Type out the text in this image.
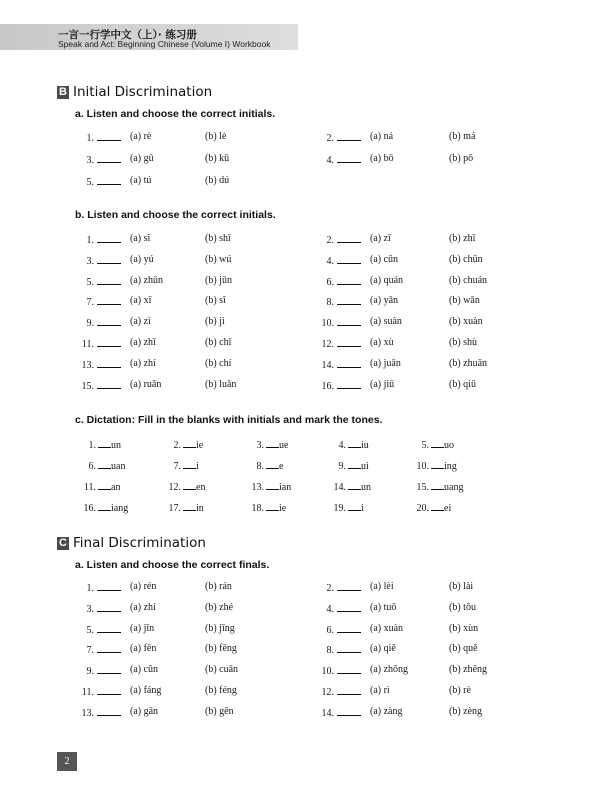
一言一行学中文（上）· 练习册
Speak and Act: Beginning Chinese (Volume I) Workbook
B Initial Discrimination
a. Listen and choose the correct initials.
1.	(a) rè	(b) lè	2.	(a) ná	(b) má
3.	(a) gū	(b) kū	4.	(a) bō	(b) pō
5.	(a) tú	(b) dú
b. Listen and choose the correct initials.
1.	(a) sī	(b) shī	2.	(a) zī	(b) zhī
3.	(a) yú	(b) wú	4.	(a) cūn	(b) chūn
5.	(a) zhǔn	(b) jǔn	6.	(a) quán	(b) chuán
7.	(a) xī	(b) sī	8.	(a) yǎn	(b) wǎn
9.	(a) zì	(b) jì	10.	(a) suàn	(b) xuàn
11.	(a) zhǐ	(b) chǐ	12.	(a) xù	(b) shù
13.	(a) zhí	(b) chí	14.	(a) juān	(b) zhuān
15.	(a) ruǎn	(b) luǎn	16.	(a) jiǔ	(b) qiǔ
c. Dictation: Fill in the blanks with initials and mark the tones.
1. un	2. ie	3. ue	4. iu	5. uo
6. uan	7. i	8. e	9. ui	10. ing
11. an	12. en	13. ian	14. un	15. uang
16. iang	17. in	18. ie	19. i	20. ei
C Final Discrimination
a. Listen and choose the correct finals.
1.	(a) rén	(b) rán	2.	(a) lèi	(b) lài
3.	(a) zhí	(b) zhé	4.	(a) tuō	(b) tōu
5.	(a) jīn	(b) jīng	6.	(a) xuàn	(b) xùn
7.	(a) fēn	(b) fēng	8.	(a) qiě	(b) quě
9.	(a) cūn	(b) cuān	10.	(a) zhōng	(b) zhēng
11.	(a) fáng	(b) féng	12.	(a) rì	(b) rè
13.	(a) gān	(b) gēn	14.	(a) zàng	(b) zèng
2
